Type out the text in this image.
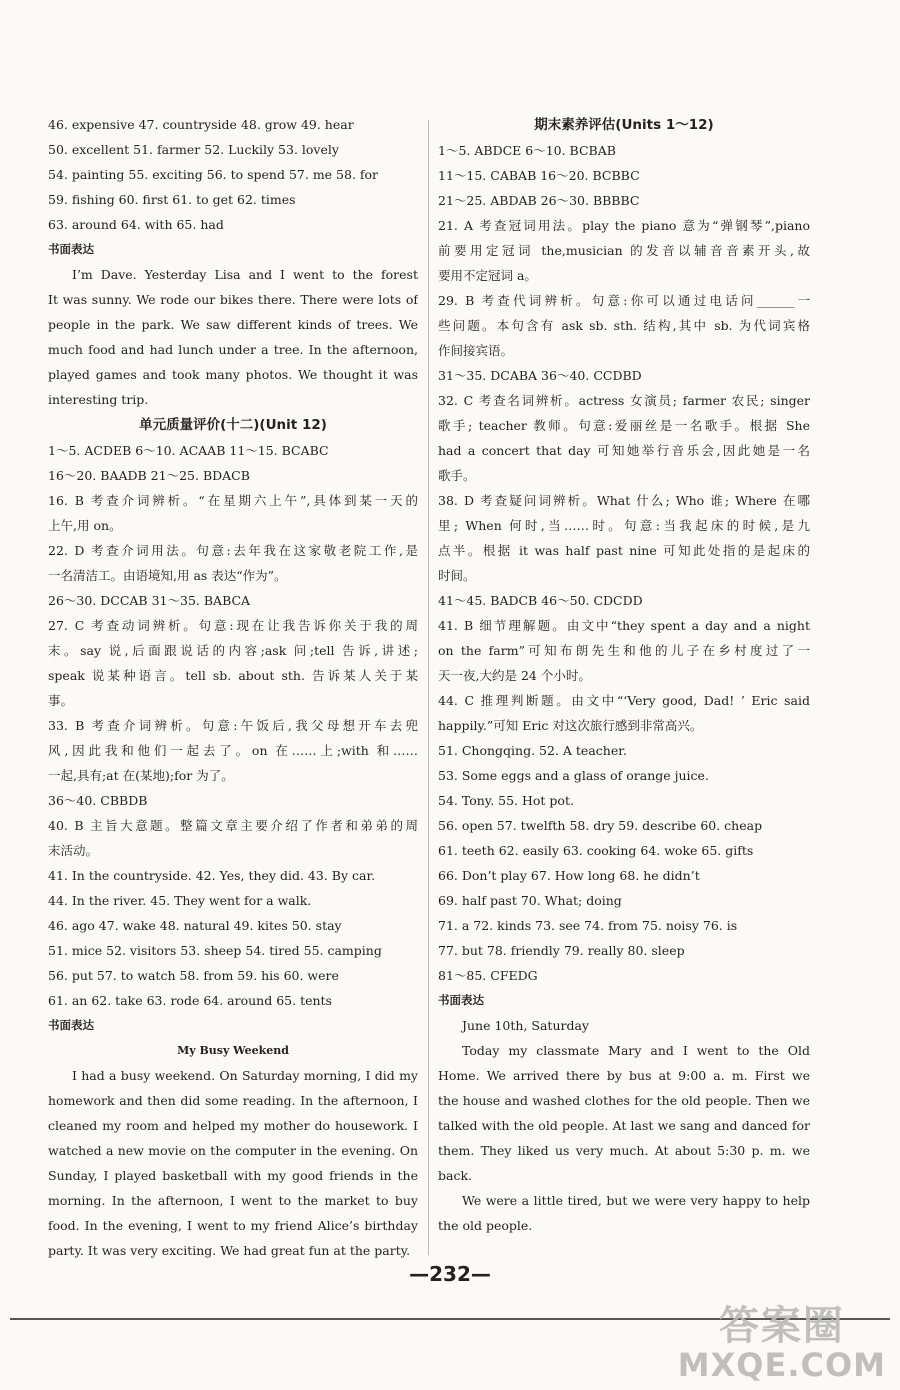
46. expensive 47. countryside 48. grow 49. hear

50. excellent 51. farmer 52. Luckily 53. lovely

54. painting 55. exciting 56. to spend 57. me 58. for

59. fishing 60. first 61. to get 62. times

63. around 64. with 65. had

书面表达

I’m Dave. Yesterday Lisa and I went to the forest

It was sunny. We rode our bikes there. There were lots of

people in the park. We saw different kinds of trees. We

much food and had lunch under a tree. In the afternoon,

played games and took many photos. We thought it was

interesting trip.

单元质量评价(十二)(Unit 12)

1～5. ACDEB 6～10. ACAAB 11～15. BCABC

16～20. BAADB 21～25. BDACB

16. B 考查介词辨析。“在星期六上午”,具体到某一天的

上午,用 on。

22. D 考查介词用法。句意:去年我在这家敬老院工作,是

一名清洁工。由语境知,用 as 表达“作为”。

26～30. DCCAB 31～35. BABCA

27. C 考查动词辨析。句意:现在让我告诉你关于我的周

末。say 说,后面跟说话的内容;ask 问;tell 告诉,讲述;

speak 说某种语言。tell sb. about sth. 告诉某人关于某

事。

33. B 考查介词辨析。句意:午饭后,我父母想开车去兜

风,因此我和他们一起去了。on 在……上;with 和……

一起,具有;at 在(某地);for 为了。

36～40. CBBDB

40. B 主旨大意题。整篇文章主要介绍了作者和弟弟的周

末活动。

41. In the countryside. 42. Yes, they did. 43. By car.

44. In the river. 45. They went for a walk.

46. ago 47. wake 48. natural 49. kites 50. stay

51. mice 52. visitors 53. sheep 54. tired 55. camping

56. put 57. to watch 58. from 59. his 60. were

61. an 62. take 63. rode 64. around 65. tents

书面表达

My Busy Weekend

I had a busy weekend. On Saturday morning, I did my

homework and then did some reading. In the afternoon, I

cleaned my room and helped my mother do housework. I

watched a new movie on the computer in the evening. On

Sunday, I played basketball with my good friends in the

morning. In the afternoon, I went to the market to buy

food. In the evening, I went to my friend Alice’s birthday

party. It was very exciting. We had great fun at the party.

期末素养评估(Units 1～12)

1～5. ABDCE 6～10. BCBAB

11～15. CABAB 16～20. BCBBC

21～25. ABDAB 26～30. BBBBC

21. A 考查冠词用法。play the piano 意为“弹钢琴”,piano

前要用定冠词 the,musician 的发音以辅音音素开头,故

要用不定冠词 a。

29. B 考查代词辨析。句意:你可以通过电话问______一

些问题。本句含有 ask sb. sth. 结构,其中 sb. 为代词宾格

作间接宾语。

31～35. DCABA 36～40. CCDBD

32. C 考查名词辨析。actress 女演员; farmer 农民; singer

歌手; teacher 教师。句意:爱丽丝是一名歌手。根据 She

had a concert that day 可知她举行音乐会,因此她是一名

歌手。

38. D 考查疑问词辨析。What 什么; Who 谁; Where 在哪

里; When 何时,当……时。句意:当我起床的时候,是九

点半。根据 it was half past nine 可知此处指的是起床的

时间。

41～45. BADCB 46～50. CDCDD

41. B 细节理解题。由文中“they spent a day and a night

on the farm”可知布朗先生和他的儿子在乡村度过了一

天一夜,大约是 24 个小时。

44. C 推理判断题。由文中“‘Very good, Dad! ’ Eric said

happily.”可知 Eric 对这次旅行感到非常高兴。

51. Chongqing. 52. A teacher.

53. Some eggs and a glass of orange juice.

54. Tony. 55. Hot pot.

56. open 57. twelfth 58. dry 59. describe 60. cheap

61. teeth 62. easily 63. cooking 64. woke 65. gifts

66. Don’t play 67. How long 68. he didn’t

69. half past 70. What; doing

71. a 72. kinds 73. see 74. from 75. noisy 76. is

77. but 78. friendly 79. really 80. sleep

81～85. CFEDG

书面表达

June 10th, Saturday

Today my classmate Mary and I went to the Old

Home. We arrived there by bus at 9:00 a. m. First we

the house and washed clothes for the old people. Then we

talked with the old people. At last we sang and danced for

them. They liked us very much. At about 5:30 p. m. we

back.

We were a little tired, but we were very happy to help

the old people.

—232—
答案圈
MXQE.COM
